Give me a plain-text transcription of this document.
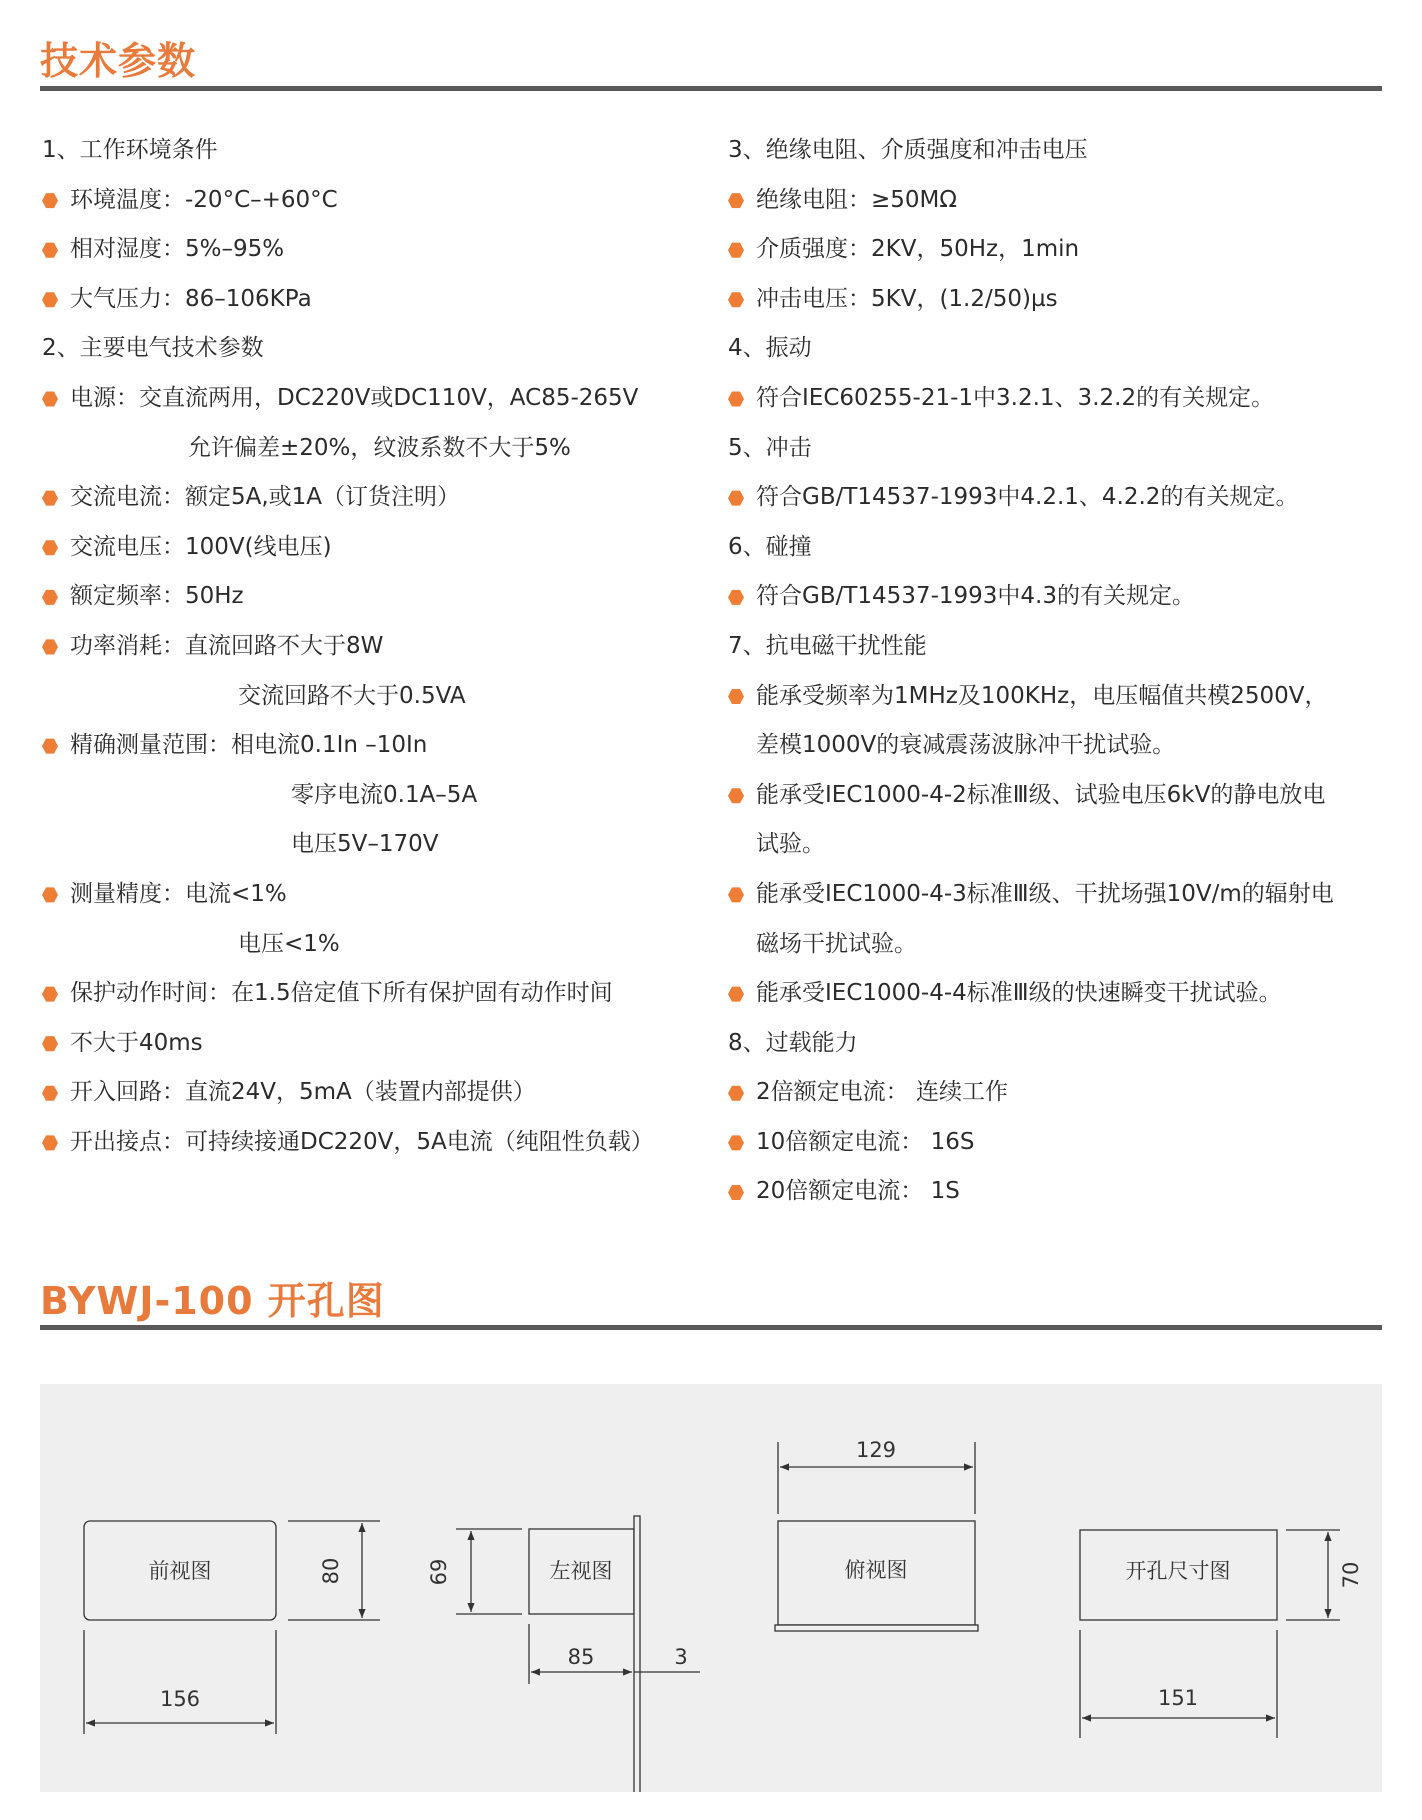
技术参数
1、工作环境条件
环境温度：-20°C–+60°C
相对湿度：5%–95%
大气压力：86–106KPa
2、主要电气技术参数
电源：交直流两用，DC220V或DC110V，AC85-265V
允许偏差±20%，纹波系数不大于5%
交流电流：额定5A,或1A（订货注明）
交流电压：100V(线电压)
额定频率：50Hz
功率消耗：直流回路不大于8W
交流回路不大于0.5VA
精确测量范围：相电流0.1In –10In
零序电流0.1A–5A
电压5V–170V
测量精度：电流<1%
电压<1%
保护动作时间：在1.5倍定值下所有保护固有动作时间
不大于40ms
开入回路：直流24V，5mA（装置内部提供）
开出接点：可持续接通DC220V，5A电流（纯阻性负载）
3、绝缘电阻、介质强度和冲击电压
绝缘电阻：≥50MΩ
介质强度：2KV，50Hz，1min
冲击电压：5KV，(1.2/50)µs
4、振动
符合IEC60255-21-1中3.2.1、3.2.2的有关规定。
5、冲击
符合GB/T14537-1993中4.2.1、4.2.2的有关规定。
6、碰撞
符合GB/T14537-1993中4.3的有关规定。
7、抗电磁干扰性能
能承受频率为1MHz及100KHz，电压幅值共模2500V，
差模1000V的衰减震荡波脉冲干扰试验。
能承受IEC1000-4-2标准Ⅲ级、试验电压6kV的静电放电
试验。
能承受IEC1000-4-3标准Ⅲ级、干扰场强10V/m的辐射电
磁场干扰试验。
能承受IEC1000-4-4标准Ⅲ级的快速瞬变干扰试验。
8、过载能力
2倍额定电流： 连续工作
10倍额定电流： 16S
20倍额定电流： 1S
BYWJ-100 开孔图
前视图	80
156
69	左视图
85	3
129
俯视图	开孔尺寸图	70
151
